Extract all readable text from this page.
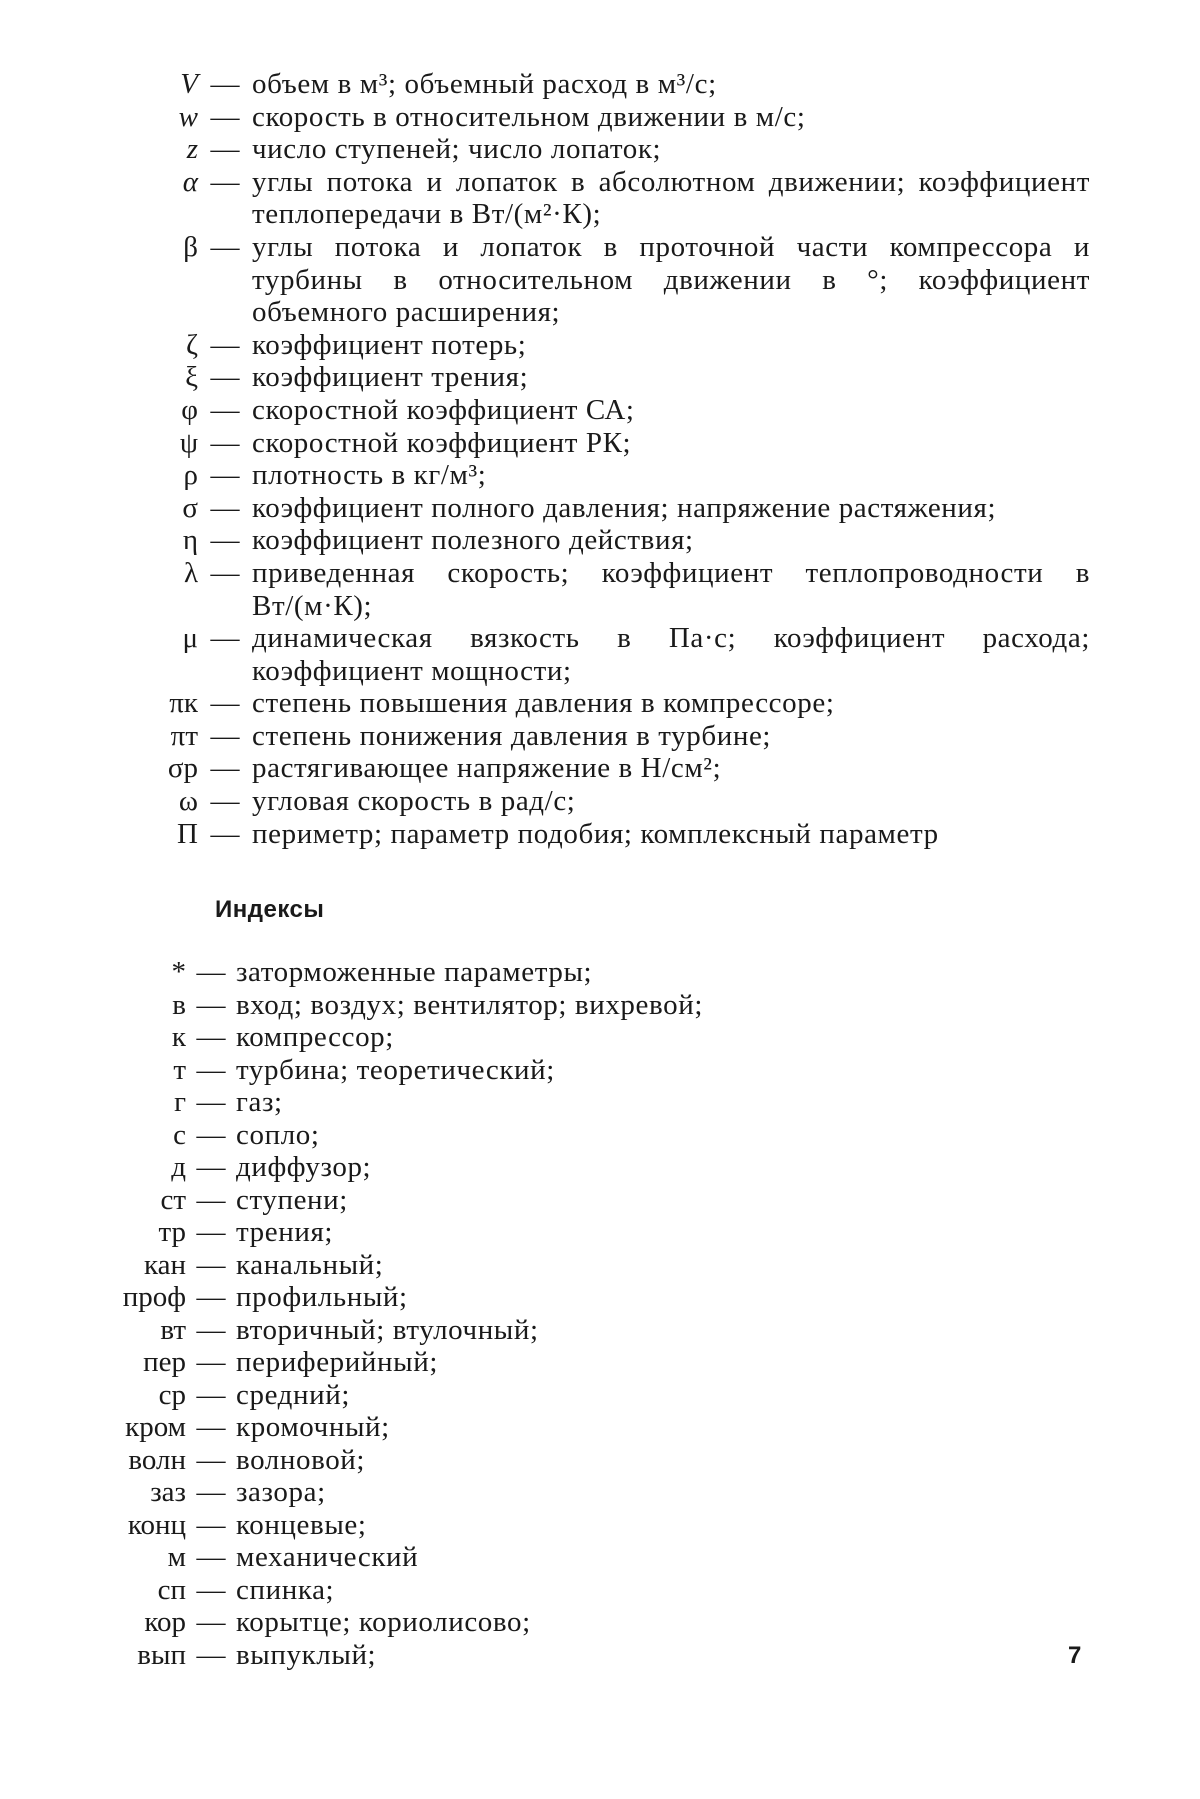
V — объем в м³; объемный расход в м³/с;
w — скорость в относительном движении в м/с;
z — число ступеней; число лопаток;
α — углы потока и лопаток в абсолютном движении; коэффициент теплопередачи в Вт/(м²·К);
β — углы потока и лопаток в проточной части компрессора и турбины в относительном движении в °; коэффициент объемного расширения;
ζ — коэффициент потерь;
ξ — коэффициент трения;
φ — скоростной коэффициент СА;
ψ — скоростной коэффициент РК;
ρ — плотность в кг/м³;
σ — коэффициент полного давления; напряжение растяжения;
η — коэффициент полезного действия;
λ — приведенная скорость; коэффициент теплопроводности в Вт/(м·К);
μ — динамическая вязкость в Па·с; коэффициент расхода; коэффициент мощности;
πк — степень повышения давления в компрессоре;
πт — степень понижения давления в турбине;
σр — растягивающее напряжение в Н/см²;
ω — угловая скорость в рад/с;
П — периметр; параметр подобия; комплексный параметр
Индексы
* — заторможенные параметры;
в — вход; воздух; вентилятор; вихревой;
к — компрессор;
т — турбина; теоретический;
г — газ;
с — сопло;
д — диффузор;
ст — ступени;
тр — трения;
кан — канальный;
проф — профильный;
вт — вторичный; втулочный;
пер — периферийный;
ср — средний;
кром — кромочный;
волн — волновой;
заз — зазора;
конц — концевые;
м — механический
сп — спинка;
кор — корытце; кориолисово;
вып — выпуклый;	7
